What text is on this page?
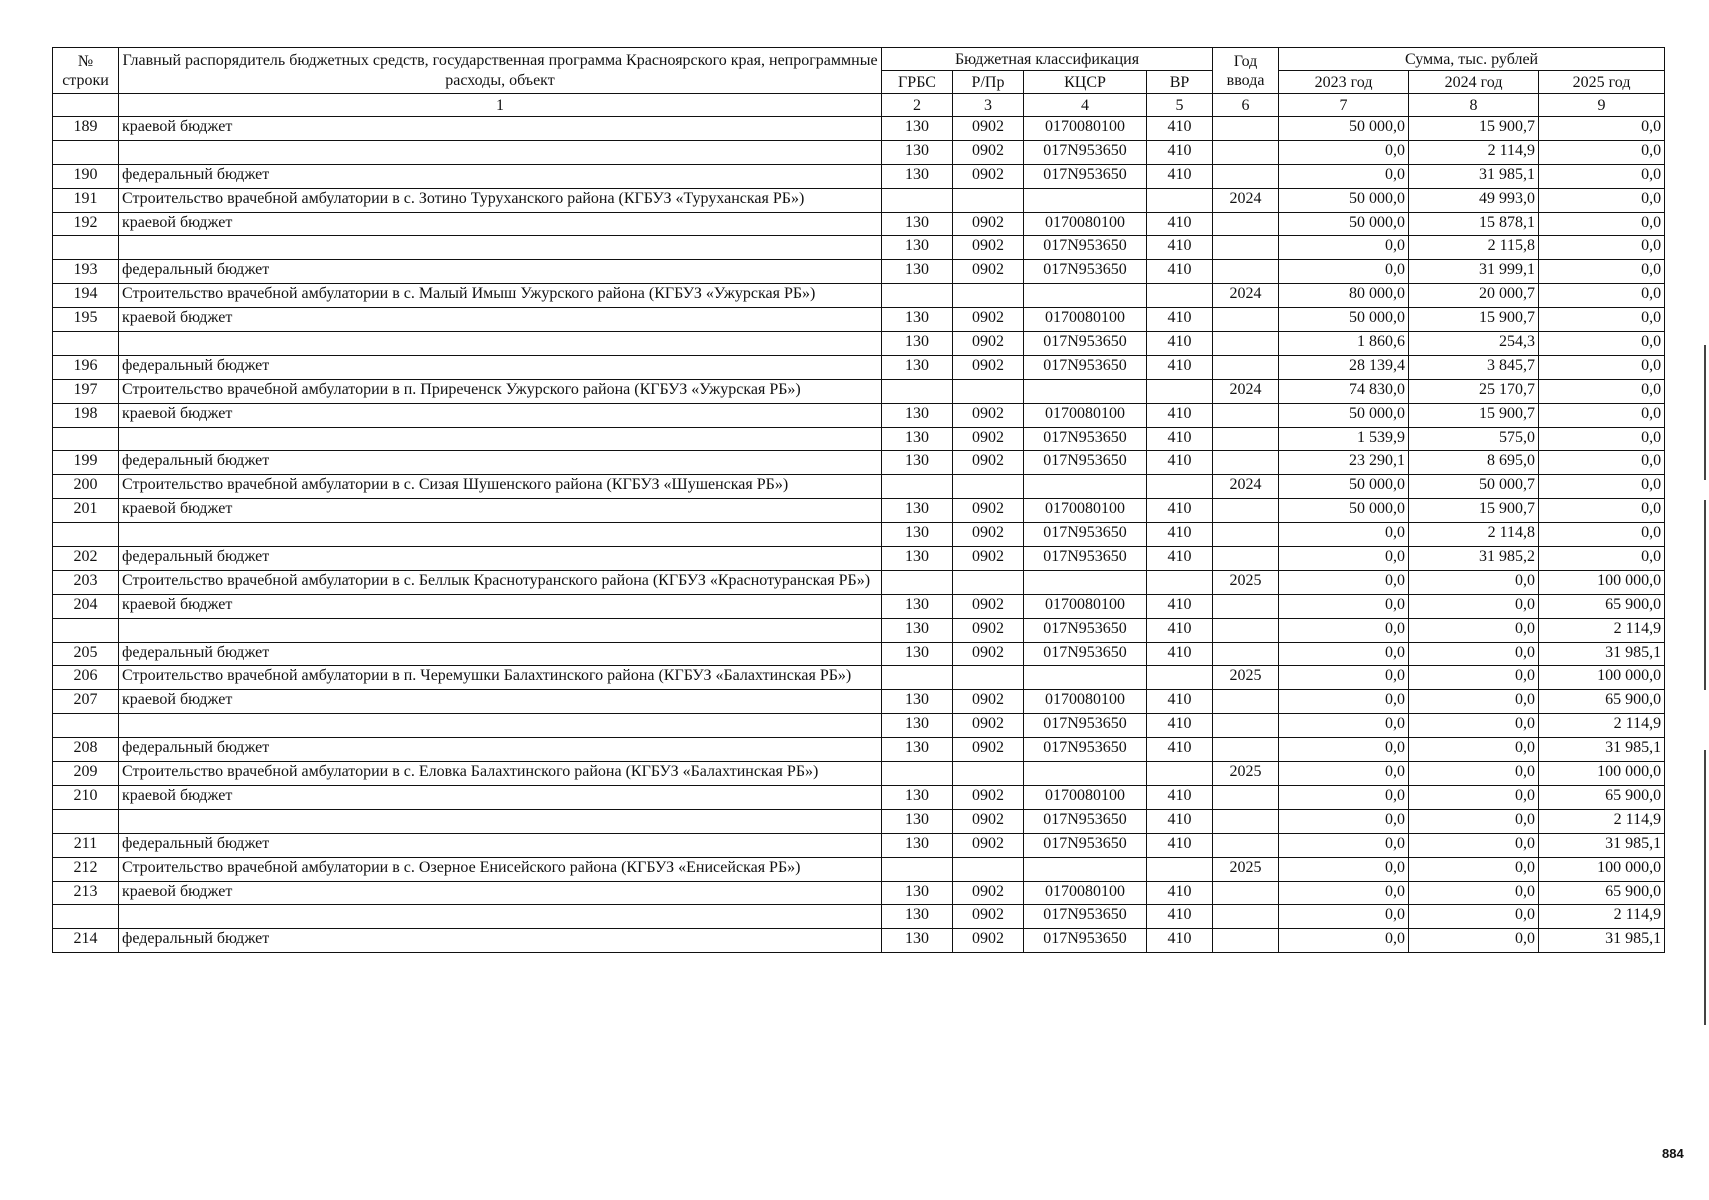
№ строки	Главный распорядитель бюджетных средств, государственная программа Красноярского края, непрограммные расходы, объект	Бюджетная классификация				Год ввода	Сумма, тыс. рублей		
		ГРБС	Р/Пр	КЦСР	ВР		2023 год	2024 год	2025 год
	1	2	3	4	5	6	7	8	9
189	краевой бюджет	130	0902	0170080100	410		50 000,0	15 900,7	0,0
		130	0902	017N953650	410		0,0	2 114,9	0,0
190	федеральный бюджет	130	0902	017N953650	410		0,0	31 985,1	0,0
191	Строительство врачебной амбулатории в с. Зотино Туруханского района (КГБУЗ «Туруханская РБ»)					2024	50 000,0	49 993,0	0,0
192	краевой бюджет	130	0902	0170080100	410		50 000,0	15 878,1	0,0
		130	0902	017N953650	410		0,0	2 115,8	0,0
193	федеральный бюджет	130	0902	017N953650	410		0,0	31 999,1	0,0
194	Строительство врачебной амбулатории в с. Малый Имыш Ужурского района (КГБУЗ «Ужурская РБ»)					2024	80 000,0	20 000,7	0,0
195	краевой бюджет	130	0902	0170080100	410		50 000,0	15 900,7	0,0
		130	0902	017N953650	410		1 860,6	254,3	0,0
196	федеральный бюджет	130	0902	017N953650	410		28 139,4	3 845,7	0,0
197	Строительство врачебной амбулатории в п. Приреченск Ужурского района (КГБУЗ «Ужурская РБ»)					2024	74 830,0	25 170,7	0,0
198	краевой бюджет	130	0902	0170080100	410		50 000,0	15 900,7	0,0
		130	0902	017N953650	410		1 539,9	575,0	0,0
199	федеральный бюджет	130	0902	017N953650	410		23 290,1	8 695,0	0,0
200	Строительство врачебной амбулатории в с. Сизая Шушенского района (КГБУЗ «Шушенская РБ»)					2024	50 000,0	50 000,7	0,0
201	краевой бюджет	130	0902	0170080100	410		50 000,0	15 900,7	0,0
		130	0902	017N953650	410		0,0	2 114,8	0,0
202	федеральный бюджет	130	0902	017N953650	410		0,0	31 985,2	0,0
203	Строительство врачебной амбулатории в с. Беллык Краснотуранского района (КГБУЗ «Краснотуранская РБ»)					2025	0,0	0,0	100 000,0
204	краевой бюджет	130	0902	0170080100	410		0,0	0,0	65 900,0
		130	0902	017N953650	410		0,0	0,0	2 114,9
205	федеральный бюджет	130	0902	017N953650	410		0,0	0,0	31 985,1
206	Строительство врачебной амбулатории в п. Черемушки Балахтинского района (КГБУЗ «Балахтинская РБ»)					2025	0,0	0,0	100 000,0
207	краевой бюджет	130	0902	0170080100	410		0,0	0,0	65 900,0
		130	0902	017N953650	410		0,0	0,0	2 114,9
208	федеральный бюджет	130	0902	017N953650	410		0,0	0,0	31 985,1
209	Строительство врачебной амбулатории в с. Еловка Балахтинского района (КГБУЗ «Балахтинская РБ»)					2025	0,0	0,0	100 000,0
210	краевой бюджет	130	0902	0170080100	410		0,0	0,0	65 900,0
		130	0902	017N953650	410		0,0	0,0	2 114,9
211	федеральный бюджет	130	0902	017N953650	410		0,0	0,0	31 985,1
212	Строительство врачебной амбулатории в с. Озерное Енисейского района (КГБУЗ «Енисейская РБ»)					2025	0,0	0,0	100 000,0
213	краевой бюджет	130	0902	0170080100	410		0,0	0,0	65 900,0
		130	0902	017N953650	410		0,0	0,0	2 114,9
214	федеральный бюджет	130	0902	017N953650	410		0,0	0,0	31 985,1
884
